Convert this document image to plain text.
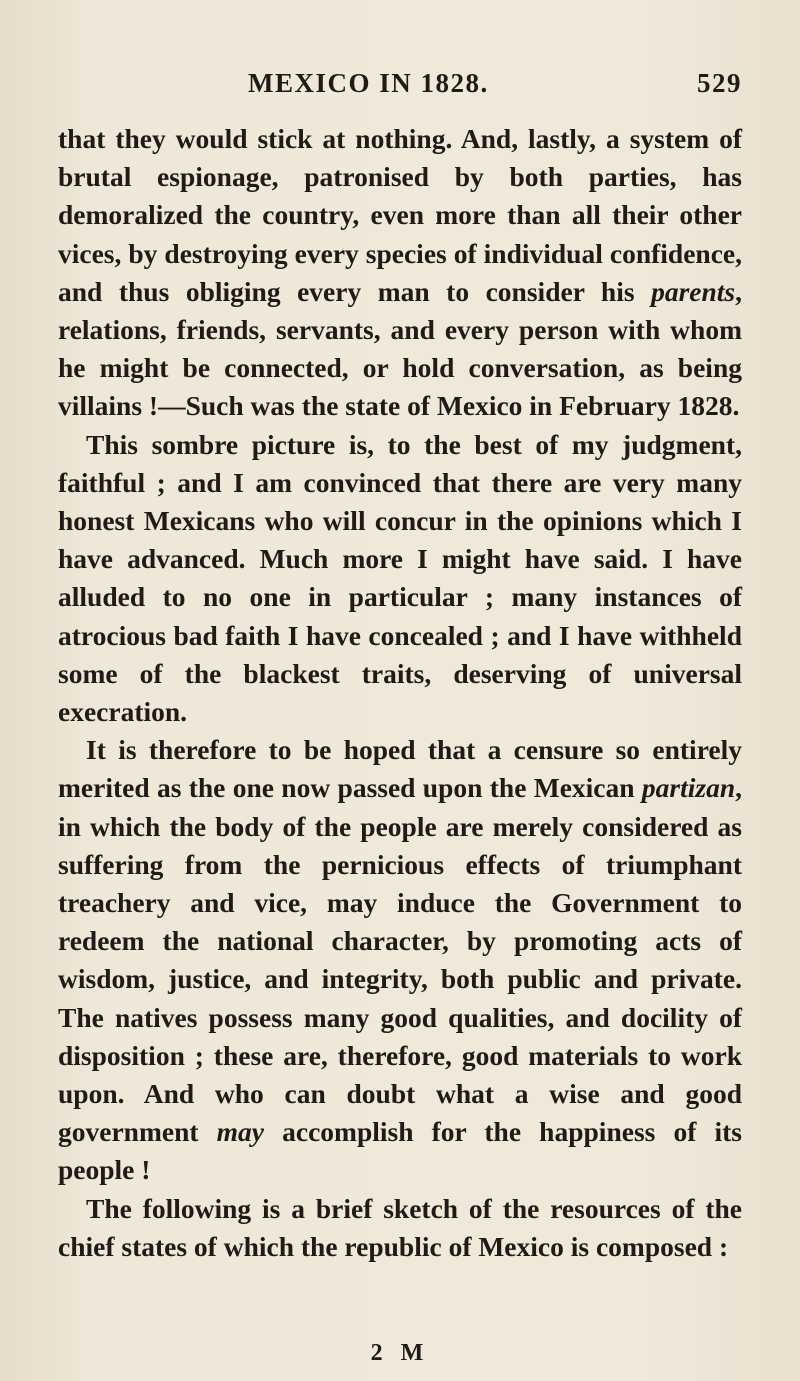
MEXICO IN 1828.	529

that they would stick at nothing. And, lastly, a system of brutal espionage, patronised by both parties, has demoralized the country, even more than all their other vices, by destroying every species of individual confidence, and thus obliging every man to consider his parents, relations, friends, servants, and every person with whom he might be connected, or hold conversation, as being villains !—Such was the state of Mexico in February 1828.

This sombre picture is, to the best of my judgment, faithful ; and I am convinced that there are very many honest Mexicans who will concur in the opinions which I have advanced. Much more I might have said. I have alluded to no one in particular ; many instances of atrocious bad faith I have concealed ; and I have withheld some of the blackest traits, deserving of universal execration.

It is therefore to be hoped that a censure so entirely merited as the one now passed upon the Mexican partizan, in which the body of the people are merely considered as suffering from the pernicious effects of triumphant treachery and vice, may induce the Government to redeem the national character, by promoting acts of wisdom, justice, and integrity, both public and private. The natives possess many good qualities, and docility of disposition ; these are, therefore, good materials to work upon. And who can doubt what a wise and good government may accomplish for the happiness of its people !

The following is a brief sketch of the resources of the chief states of which the republic of Mexico is composed :

2 M
